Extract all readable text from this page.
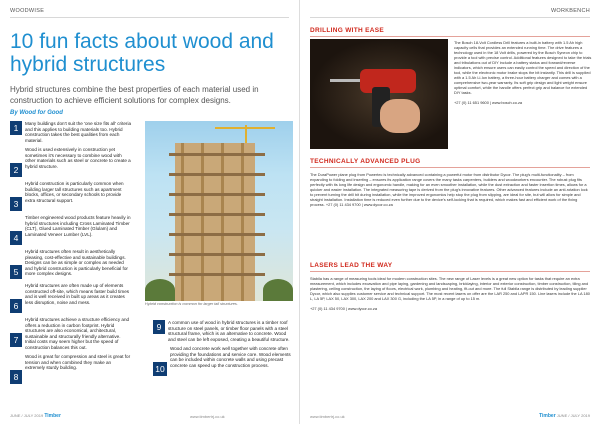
WOODWISE
10 fun facts about wood and hybrid structures

Hybrid structures combine the best properties of each material used in construction to achieve efficient solutions for complex designs.

By Wood for Good
1	Many buildings don't suit the 'one size fits all' criteria and this applies to building materials too. Hybrid construction takes the best qualities from each material.
2
Wood is used extensively in construction yet sometimes it's necessary to combine wood with other materials such as steel or concrete to create a hybrid structure.
3
Hybrid construction is particularly common when building larger tall structures such as apartment blocks, offices, or secondary schools to provide extra structural support.
4
Timber engineered wood products feature heavily in hybrid structures including Cross Laminated Timber (CLT), Glued Laminated Timber (Glulam) and Laminated Veneer Lumber (LVL).
5
Hybrid structures often result in aesthetically pleasing, cost-effective and sustainable buildings. Designs can be as simple or complex as needed and hybrid construction is particularly beneficial for more complex designs.
6
Hybrid structures are often made up of elements constructed off-site, which means faster build times and is well received in built up areas as it creates less disruption, noise and mess.
7
Hybrid structures achieve a structure efficiency and offers a reduction in carbon footprint. Hybrid structures are also economical, architectural, sustainable and structurally friendly alternative. Initial costs may seem higher but the speed of construction balances this out.
8
Wood is great for compression and steel is great for tension and when combined they make an extremely sturdy building.
Hybrid construction is common for larger tall structures.
9	A common use of wood in hybrid structures is a timber roof structure on steel panels, or timber floor panels with a steel structural frame, which is an alternative to concrete. Wood and steel can be left exposed, creating a beautiful structure.
10
Wood and concrete work well together with concrete often providing the foundations and service core. Wood elements can be included within concrete walls and using precast concrete can speed up the construction process.
JUNE / JULY 2019 Timber	www.timbertrj.co.uk
WORKBENCH
DRILLING WITH EASE
The Bosch 18-Volt Cordless Drill features a built-in battery with 1.5 Ah high capacity cells that provides an extended running time. The drive features a technology used in the 18 Volt drills, powered by the Bosch Syneon chip to provide a tool with precise control. Additional features designed to take the trials and tribulations out of DIY include a battery status and forward/reverse indicators, which ensure users can easily control the speed and direction of the tool, while the electronic motor brake stops the bit instantly. This drill is supplied with a 1.5 Ah Li-Ion battery, a three-hour battery charger and comes with a comprehensive two-year warranty. Its soft grip design and light weight ensure optimal comfort, while the handle offers perfect grip and balance for extended DIY tasks.

+27 (0) 11 651 9600 | www.bosch.co.za
TECHNICALLY ADVANCED PLUG
The DuraPower plane plug from Powertec is technically advanced containing a powerful motor from distributor Dycor. The plug's multi-functionality – from expanding to folding and inserting – ensures its application range covers the many tasks carpenters, builders and woodworkers encounter. The robust plug fits perfectly with its long life design and ergonomic handle, making for an even smoother installation, while the dust extraction and faster insertion times, allows for a quicker and easier installation. The integrated measuring tape is derived from the plug's innovative features. Other advanced features include an anti-rotation lock to prevent turning the drill bit during installation, while the improved ergonomics help stop the plug from slipping, are ideal for site, but will allow for simple and straight installation. Installation time is reduced even further due to the device's self-locking that is required, which makes fast and efficient work of the fixing process. +27 (0) 11 434 9700 | www.dycor.co.za
LASERS LEAD THE WAY
Stabila has a range of measuring tools ideal for modern construction sites. The new range of Laser levels is a great new option for tasks that require an extra measurement, which includes excavation and pipe laying, gardening and landscaping, bricklaying, interior and exterior construction, timber construction, tiling and plastering, ceiling construction, the laying of floors, electrical work, plumbing and heating, fit-out and more. The full Stabila range is distributed by leading supplier Dycor, which also supplies customer service and technical support. The most recent lasers on offer are the LAR 250 and LAPR 150. Line lasers include the LA 180 L, LA 5P, LAX 50, LAX 300, LAX 200 and LAX 300 G, including the LA 5P, in a range of up to 15 m.

+27 (0) 11 434 9700 | www.dycor.co.za
www.timbertrj.co.uk	Timber JUNE / JULY 2019
